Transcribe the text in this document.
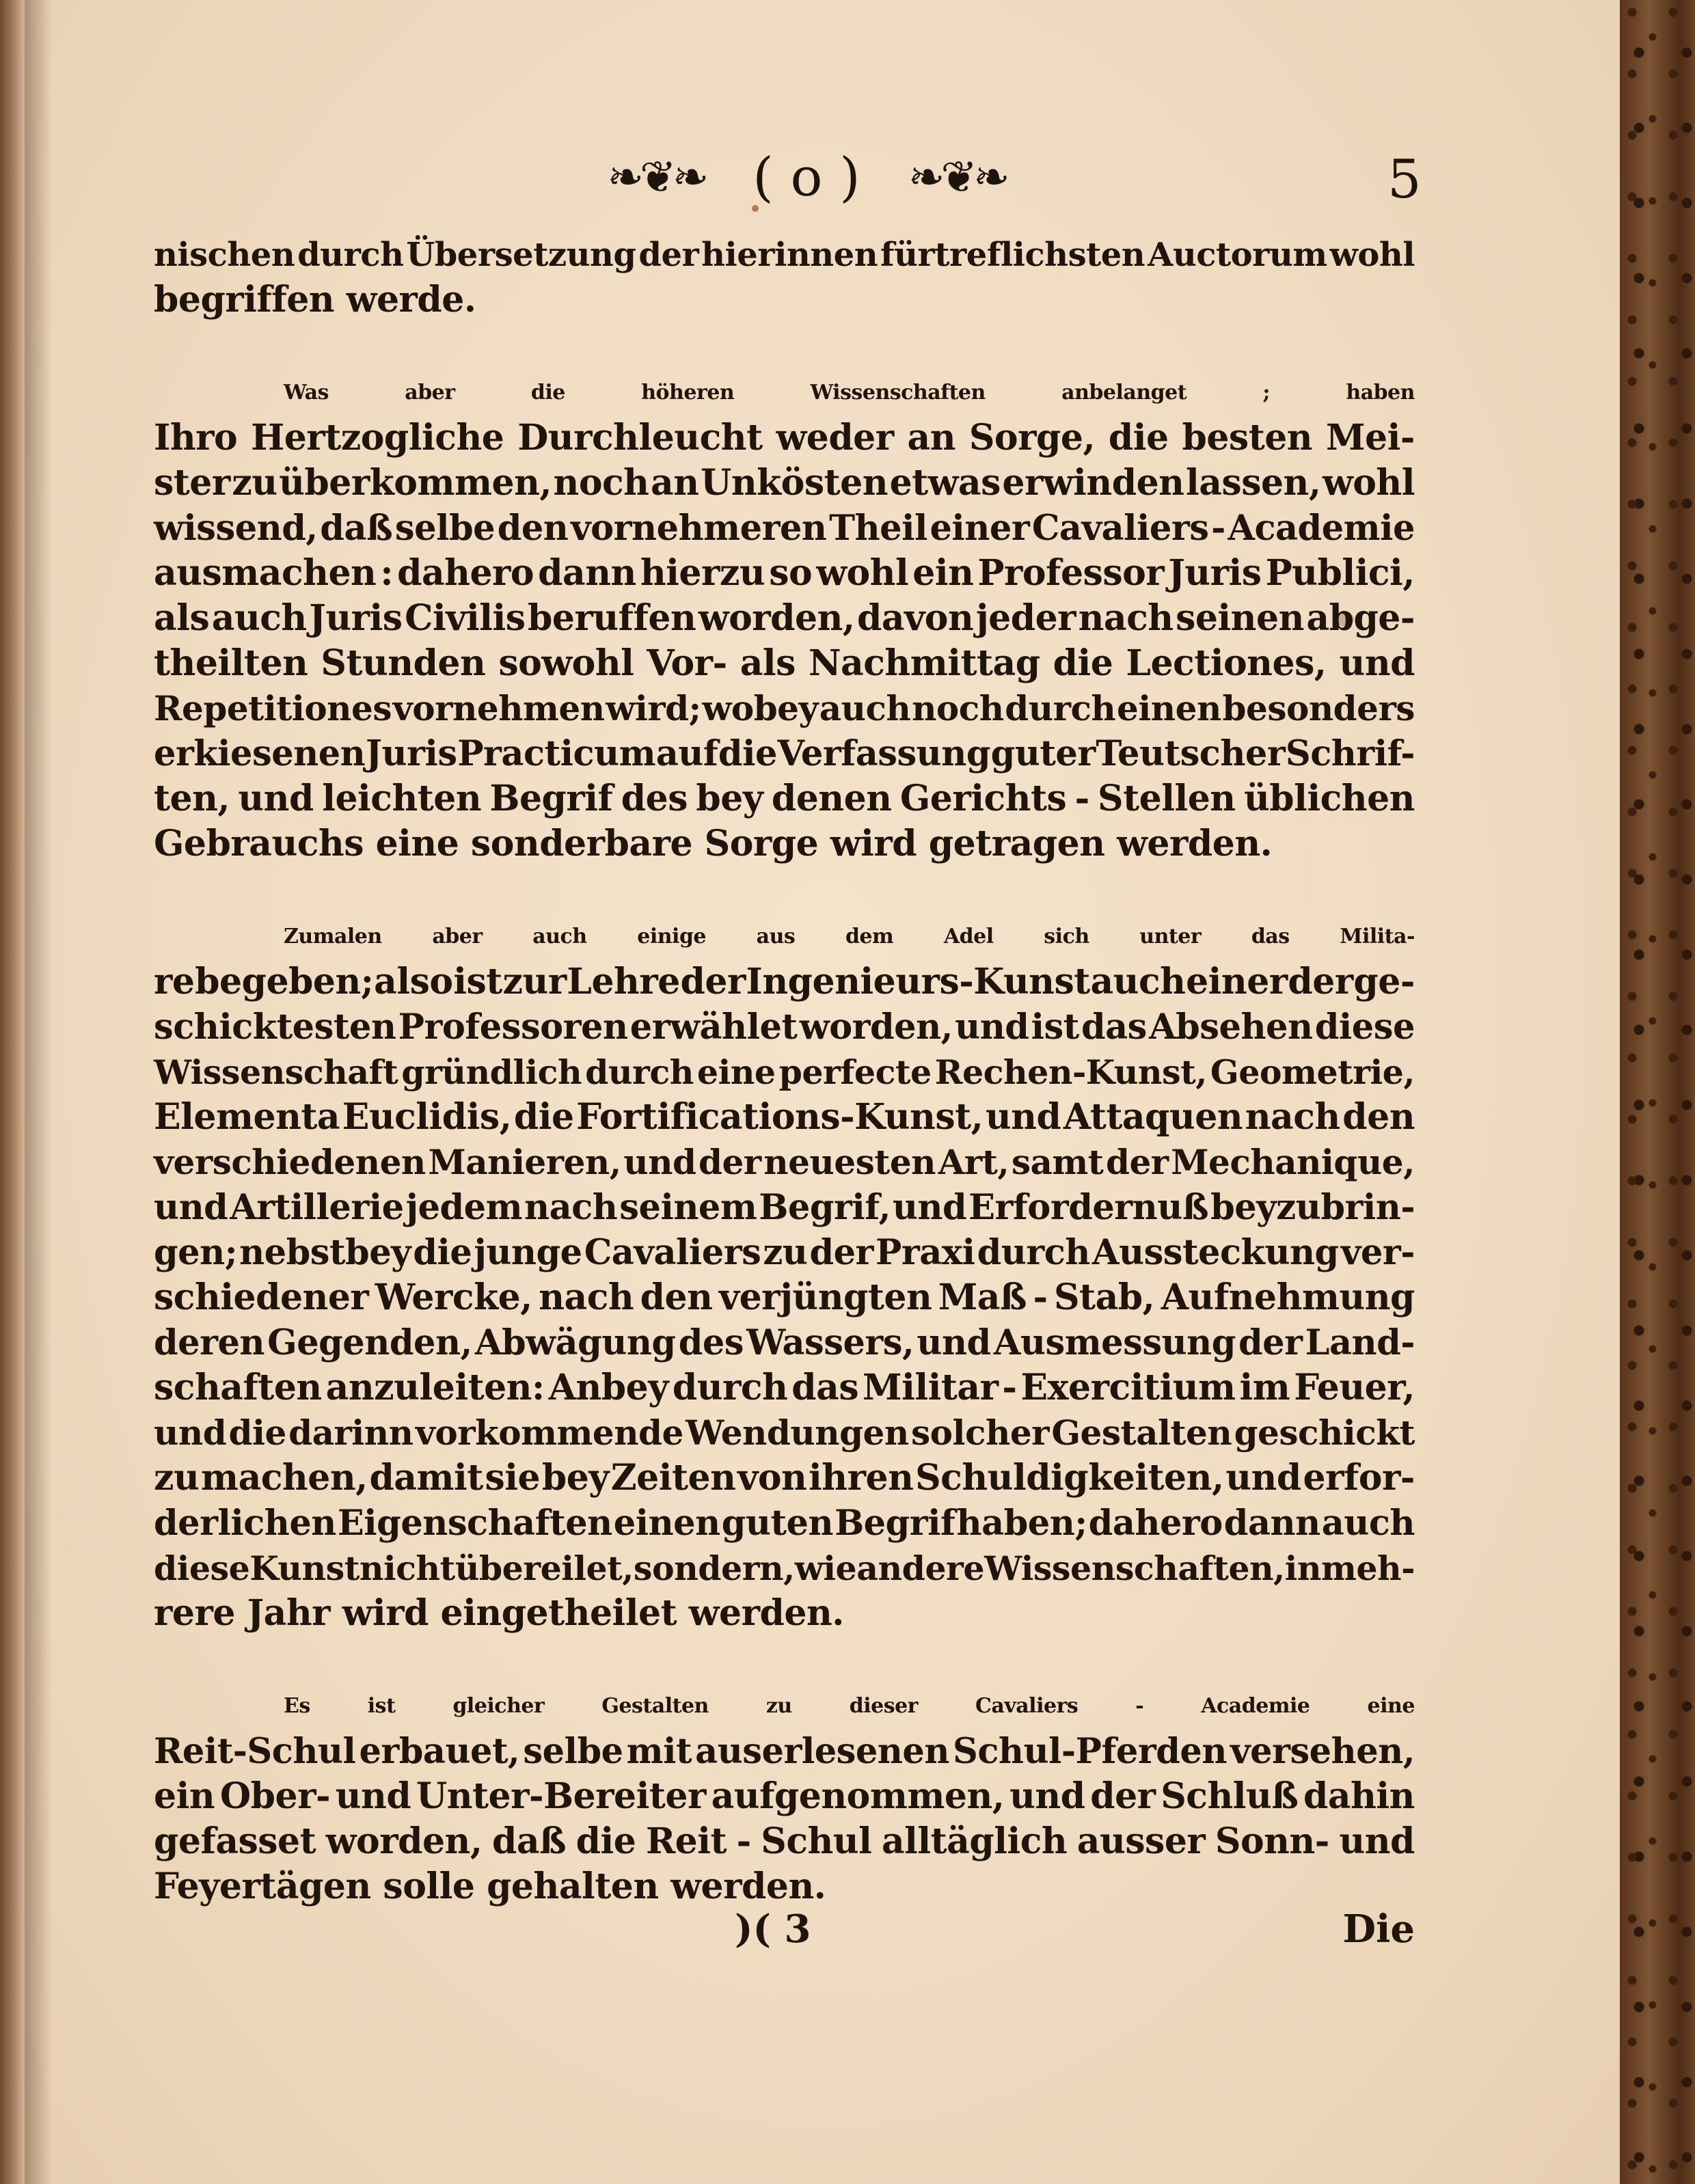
❧❦❧ ( o ) ❧❦❧	5
nischen durch Übersetzung der hierinnen fürtreflichsten Auctorum wohl
begriffen werde.
Was	aber	die	höheren	Wissenschaften	anbelanget	;	haben
Ihro Hertzogliche Durchleucht weder an Sorge, die besten Mei-
ster zu überkommen, noch an Unkösten etwas erwinden lassen, wohl
wissend, daß selbe den vornehmeren Theil einer Cavaliers - Academie
ausmachen : dahero dann hierzu so wohl ein Professor Juris Publici,
als auch Juris Civilis beruffen worden, davon jeder nach seinen abge-
theilten Stunden sowohl Vor- als Nachmittag die Lectiones, und
Repetitiones vornehmen wird; wobey auch noch durch einen besonders
erkiesenen Juris Practicum auf die Verfassung guter Teutscher Schrif-
ten, und leichten Begrif des bey denen Gerichts - Stellen üblichen
Gebrauchs eine sonderbare Sorge wird getragen werden.
Zumalen aber auch einige aus dem Adel sich unter das Milita-
re begeben; also ist zur Lehre der Ingenieurs-Kunst auch einer der ge-
schicktesten Professoren erwählet worden, und ist das Absehen diese
Wissenschaft gründlich durch eine perfecte Rechen-Kunst, Geometrie,
Elementa Euclidis, die Fortifications-Kunst, und Attaquen nach den
verschiedenen Manieren, und der neuesten Art, samt der Mechanique,
und Artillerie jedem nach seinem Begrif, und Erfordernuß beyzubrin-
gen; nebstbey die junge Cavaliers zu der Praxi durch Aussteckung ver-
schiedener Wercke, nach den verjüngten Maß - Stab, Aufnehmung
deren Gegenden, Abwägung des Wassers, und Ausmessung der Land-
schaften anzuleiten: Anbey durch das Militar - Exercitium im Feuer,
und die darinn vorkommende Wendungen solcher Gestalten geschickt
zu machen, damit sie bey Zeiten von ihren Schuldigkeiten, und erfor-
derlichen Eigenschaften einen guten Begrif haben; dahero dann auch
diese Kunst nicht übereilet, sondern, wie andere Wissenschaften, in meh-
rere Jahr wird eingetheilet werden.
Es	ist	gleicher	Gestalten	zu	dieser	Cavaliers	-	Academie	eine
Reit-Schul erbauet, selbe mit auserlesenen Schul-Pferden versehen,
ein Ober- und Unter-Bereiter aufgenommen, und der Schluß dahin
gefasset worden, daß die Reit - Schul alltäglich ausser Sonn- und
Feyertägen solle gehalten werden.
)( 3	Die
